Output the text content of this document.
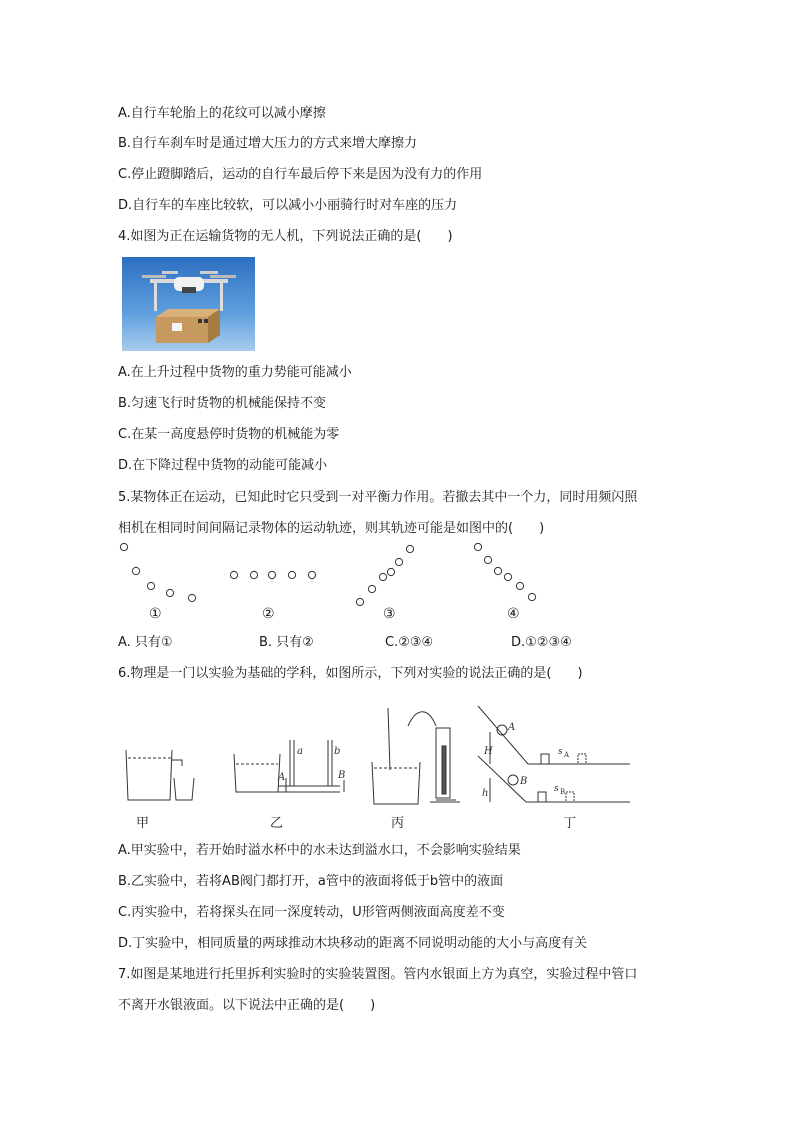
A.自行车轮胎上的花纹可以减小摩擦
B.自行车刹车时是通过增大压力的方式来增大摩擦力
C.停止蹬脚踏后，运动的自行车最后停下来是因为没有力的作用
D.自行车的车座比较软，可以减小小丽骑行时对车座的压力
4.如图为正在运输货物的无人机，下列说法正确的是(　　)
A.在上升过程中货物的重力势能可能减小
B.匀速飞行时货物的机械能保持不变
C.在某一高度悬停时货物的机械能为零
D.在下降过程中货物的动能可能减小
5.某物体正在运动，已知此时它只受到一对平衡力作用。若撤去其中一个力，同时用频闪照
相机在相同时间间隔记录物体的运动轨迹，则其轨迹可能是如图中的(　　)
①	②	③	④
A. 只有①	B. 只有②	C.②③④	D.①②③④
6.物理是一门以实验为基础的学科，如图所示，下列对实验的说法正确的是(　　)
a	b
A	B
A
B
H
h
s A
s B
甲	乙	丙	丁
A.甲实验中，若开始时溢水杯中的水未达到溢水口，不会影响实验结果
B.乙实验中，若将AB阀门都打开，a管中的液面将低于b管中的液面
C.丙实验中，若将探头在同一深度转动，U形管两侧液面高度差不变
D.丁实验中，相同质量的两球推动木块移动的距离不同说明动能的大小与高度有关
7.如图是某地进行托里拆利实验时的实验装置图。管内水银面上方为真空，实验过程中管口
不离开水银液面。以下说法中正确的是(　　)
